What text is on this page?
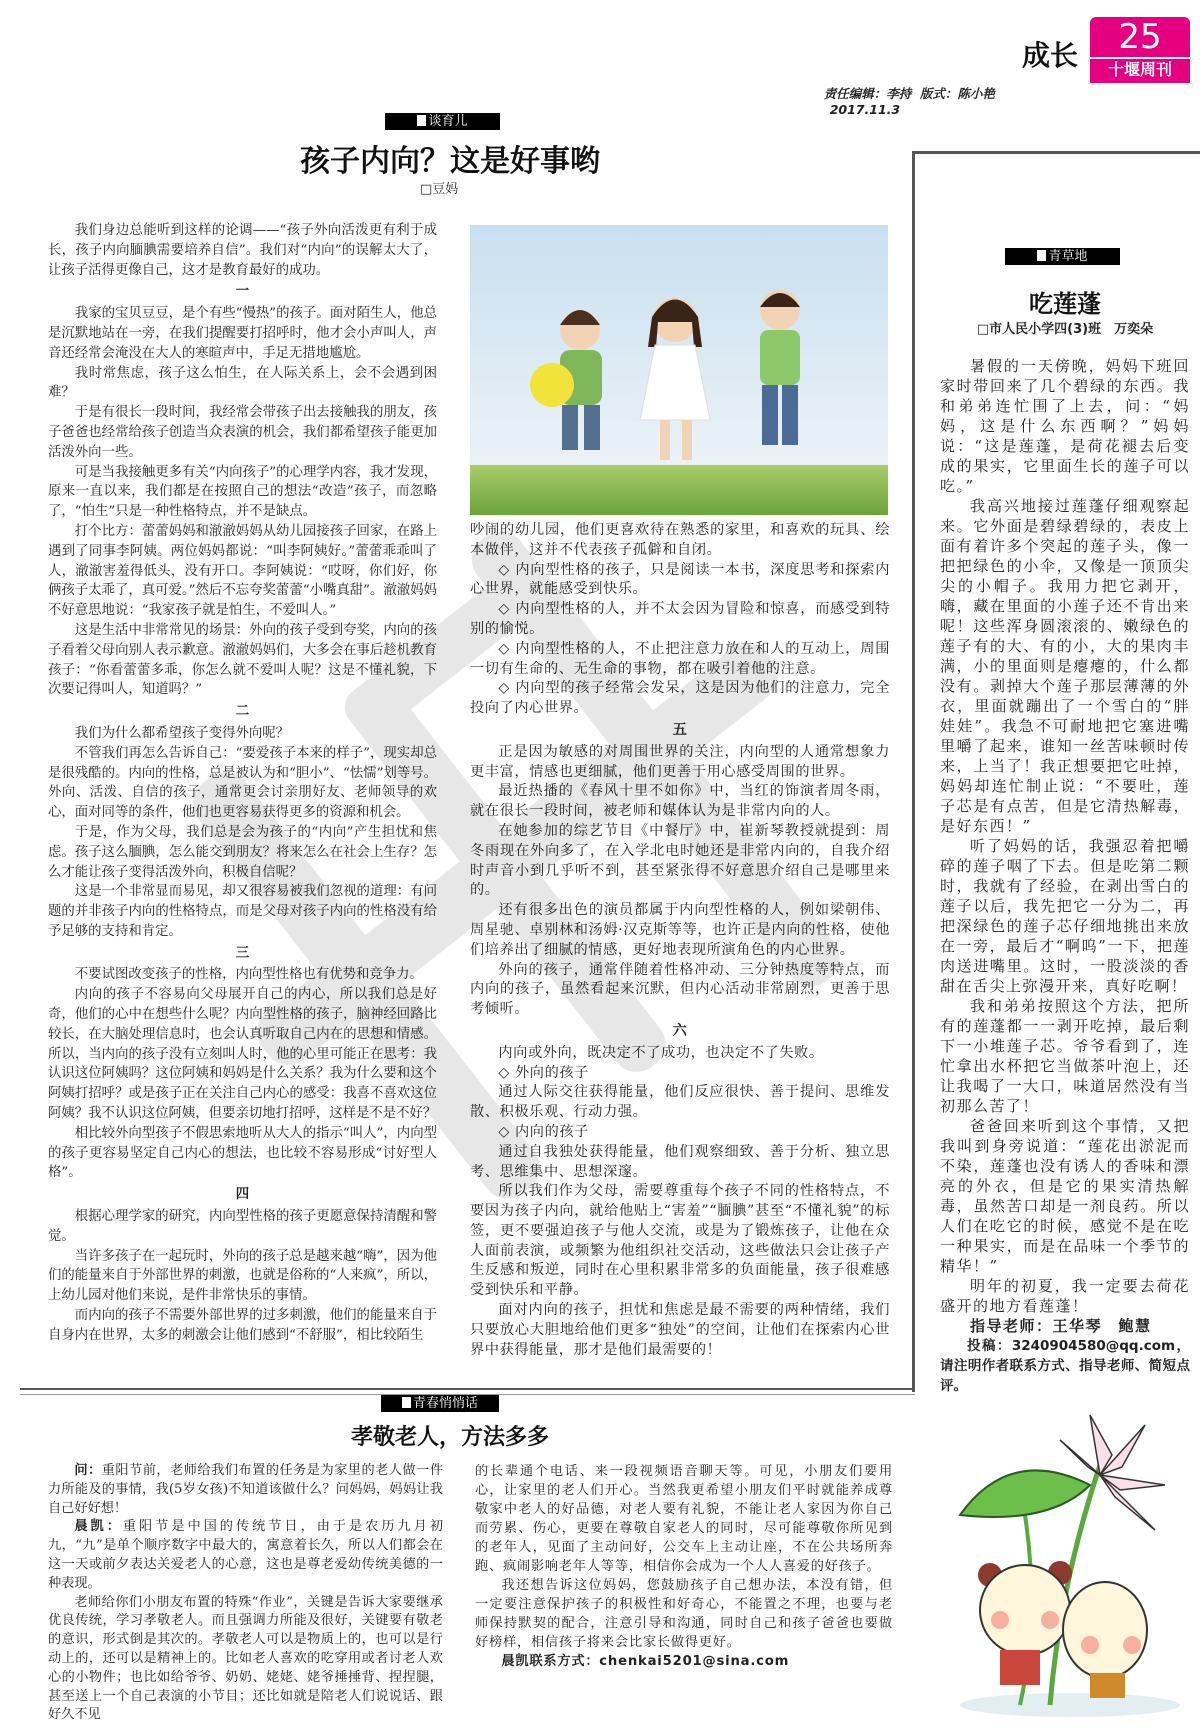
成长	25
十堰周刊

责任编辑：李持  版式：陈小艳
2017.11.3

谈育儿
孩子内向？这是好事哟
□豆妈

我们身边总能听到这样的论调——“孩子外向活泼更有利于成长，孩子内向腼腆需要培养自信”。我们对“内向”的误解太大了，让孩子活得更像自己，这才是教育最好的成功。

一

我家的宝贝豆豆，是个有些“慢热”的孩子。面对陌生人，他总是沉默地站在一旁，在我们提醒要打招呼时，他才会小声叫人，声音还经常会淹没在大人的寒暄声中，手足无措地尴尬。

我时常焦虑，孩子这么怕生，在人际关系上，会不会遇到困难？

于是有很长一段时间，我经常会带孩子出去接触我的朋友，孩子爸爸也经常给孩子创造当众表演的机会，我们都希望孩子能更加活泼外向一些。

可是当我接触更多有关“内向孩子”的心理学内容，我才发现，原来一直以来，我们都是在按照自己的想法“改造”孩子，而忽略了，“怕生”只是一种性格特点，并不是缺点。

打个比方：蕾蕾妈妈和澈澈妈妈从幼儿园接孩子回家，在路上遇到了同事李阿姨。两位妈妈都说：“叫李阿姨好。”蕾蕾乖乖叫了人，澈澈害羞得低头，没有开口。李阿姨说：“哎呀，你们好，你俩孩子太乖了，真可爱。”然后不忘夸奖蕾蕾“小嘴真甜”。澈澈妈妈不好意思地说：“我家孩子就是怕生，不爱叫人。”

这是生活中非常常见的场景：外向的孩子受到夸奖，内向的孩子看着父母向别人表示歉意。澈澈妈妈们，大多会在事后趁机教育孩子：“你看蕾蕾多乖，你怎么就不爱叫人呢？这是不懂礼貌，下次要记得叫人，知道吗？”

二

我们为什么都希望孩子变得外向呢？

不管我们再怎么告诉自己：“要爱孩子本来的样子”，现实却总是很残酷的。内向的性格，总是被认为和“胆小”、“怯懦”划等号。外向、活泼、自信的孩子，通常更会讨亲朋好友、老师领导的欢心，面对同等的条件，他们也更容易获得更多的资源和机会。

于是，作为父母，我们总是会为孩子的“内向”产生担忧和焦虑。孩子这么腼腆，怎么能交到朋友？将来怎么在社会上生存？怎么才能让孩子变得活泼外向，积极自信呢？

这是一个非常显而易见，却又很容易被我们忽视的道理：有问题的并非孩子内向的性格特点，而是父母对孩子内向的性格没有给予足够的支持和肯定。

三

不要试图改变孩子的性格，内向型性格也有优势和竞争力。

内向的孩子不容易向父母展开自己的内心，所以我们总是好奇，他们的心中在想些什么呢？内向型性格的孩子，脑神经回路比较长，在大脑处理信息时，也会认真听取自己内在的思想和情感。所以，当内向的孩子没有立刻叫人时，他的心里可能正在思考：我认识这位阿姨吗？这位阿姨和妈妈是什么关系？我为什么要和这个阿姨打招呼？或是孩子正在关注自己内心的感受：我喜不喜欢这位阿姨？我不认识这位阿姨，但要亲切地打招呼，这样是不是不好？

相比较外向型孩子不假思索地听从大人的指示“叫人”，内向型的孩子更容易坚定自己内心的想法，也比较不容易形成“讨好型人格”。

四

根据心理学家的研究，内向型性格的孩子更愿意保持清醒和警觉。

当许多孩子在一起玩时，外向的孩子总是越来越“嗨”，因为他们的能量来自于外部世界的刺激，也就是俗称的“人来疯”，所以，上幼儿园对他们来说，是件非常快乐的事情。

而内向的孩子不需要外部世界的过多刺激，他们的能量来自于自身内在世界，太多的刺激会让他们感到“不舒服”，相比较陌生

吵闹的幼儿园，他们更喜欢待在熟悉的家里，和喜欢的玩具、绘本做伴，这并不代表孩子孤僻和自闭。

◇ 内向型性格的孩子，只是阅读一本书，深度思考和探索内心世界，就能感受到快乐。

◇ 内向型性格的人，并不太会因为冒险和惊喜，而感受到特别的愉悦。

◇ 内向型性格的人，不止把注意力放在和人的互动上，周围一切有生命的、无生命的事物，都在吸引着他的注意。

◇ 内向型的孩子经常会发呆，这是因为他们的注意力，完全投向了内心世界。

五

正是因为敏感的对周围世界的关注，内向型的人通常想象力更丰富，情感也更细腻，他们更善于用心感受周围的世界。

最近热播的《春风十里不如你》中，当红的饰演者周冬雨，就在很长一段时间，被老师和媒体认为是非常内向的人。

在她参加的综艺节目《中餐厅》中，崔新琴教授就提到：周冬雨现在外向多了，在入学北电时她还是非常内向的，自我介绍时声音小到几乎听不到，甚至紧张得不好意思介绍自己是哪里来的。

还有很多出色的演员都属于内向型性格的人，例如梁朝伟、周星驰、卓别林和汤姆·汉克斯等等，也许正是内向的性格，使他们培养出了细腻的情感，更好地表现所演角色的内心世界。

外向的孩子，通常伴随着性格冲动、三分钟热度等特点，而内向的孩子，虽然看起来沉默，但内心活动非常剧烈，更善于思考倾听。

六

内向或外向，既决定不了成功，也决定不了失败。

◇ 外向的孩子

通过人际交往获得能量，他们反应很快、善于提问、思维发散、积极乐观、行动力强。

◇ 内向的孩子

通过自我独处获得能量，他们观察细致、善于分析、独立思考、思维集中、思想深邃。

所以我们作为父母，需要尊重每个孩子不同的性格特点，不要因为孩子内向，就给他贴上“害羞”“腼腆”甚至“不懂礼貌”的标签，更不要强迫孩子与他人交流，或是为了锻炼孩子，让他在众人面前表演，或频繁为他组织社交活动，这些做法只会让孩子产生反感和叛逆，同时在心里积累非常多的负面能量，孩子很难感受到快乐和平静。

面对内向的孩子，担忧和焦虑是最不需要的两种情绪，我们只要放心大胆地给他们更多“独处”的空间，让他们在探索内心世界中获得能量，那才是他们最需要的！

青草地
吃莲蓬
□市人民小学四(3)班　万奕朵

暑假的一天傍晚，妈妈下班回家时带回来了几个碧绿的东西。我和弟弟连忙围了上去，问：“妈妈，这是什么东西啊？”妈妈说：“这是莲蓬，是荷花褪去后变成的果实，它里面生长的莲子可以吃。”

我高兴地接过莲蓬仔细观察起来。它外面是碧绿碧绿的，表皮上面有着许多个突起的莲子头，像一把把绿色的小伞，又像是一顶顶尖尖的小帽子。我用力把它剥开，嗨，藏在里面的小莲子还不肯出来呢！这些浑身圆滚滚的、嫩绿色的莲子有的大、有的小，大的果肉丰满，小的里面则是瘪瘪的，什么都没有。剥掉大个莲子那层薄薄的外衣，里面就蹦出了一个雪白的“胖娃娃”。我急不可耐地把它塞进嘴里嚼了起来，谁知一丝苦味顿时传来，上当了！我正想要把它吐掉，妈妈却连忙制止说：“不要吐，莲子芯是有点苦，但是它清热解毒，是好东西！”

听了妈妈的话，我强忍着把嚼碎的莲子咽了下去。但是吃第二颗时，我就有了经验，在剥出雪白的莲子以后，我先把它一分为二，再把深绿色的莲子芯仔细地挑出来放在一旁，最后才“啊呜”一下，把莲肉送进嘴里。这时，一股淡淡的香甜在舌尖上弥漫开来，真好吃啊！

我和弟弟按照这个方法，把所有的莲蓬都一一剥开吃掉，最后剩下一小堆莲子芯。爷爷看到了，连忙拿出水杯把它当做茶叶泡上，还让我喝了一大口，味道居然没有当初那么苦了！

爸爸回来听到这个事情，又把我叫到身旁说道：“莲花出淤泥而不染，莲蓬也没有诱人的香味和漂亮的外衣，但是它的果实清热解毒，虽然苦口却是一剂良药。所以人们在吃它的时候，感觉不是在吃一种果实，而是在品味一个季节的精华！”

明年的初夏，我一定要去荷花盛开的地方看莲蓬！

指导老师：王华琴　鲍慧

投稿：3240904580@qq.com，请注明作者联系方式、指导老师、简短点评。

青春悄悄话
孝敬老人，方法多多

问：重阳节前，老师给我们布置的任务是为家里的老人做一件力所能及的事情，我(5岁女孩)不知道该做什么？问妈妈，妈妈让我自己好好想！

晨凯：重阳节是中国的传统节日，由于是农历九月初九，“九”是单个顺序数字中最大的，寓意着长久，所以人们都会在这一天或前夕表达关爱老人的心意，这也是尊老爱幼传统美德的一种表现。

老师给你们小朋友布置的特殊“作业”，关键是告诉大家要继承优良传统，学习孝敬老人。而且强调力所能及很好，关键要有敬老的意识，形式倒是其次的。孝敬老人可以是物质上的，也可以是行动上的，还可以是精神上的。比如老人喜欢的吃穿用或者讨老人欢心的小物件；也比如给爷爷、奶奶、姥姥、姥爷捶捶背、捏捏腿，甚至送上一个自己表演的小节目；还比如就是陪老人们说说话、跟好久不见

的长辈通个电话、来一段视频语音聊天等。可见，小朋友们要用心，让家里的老人们开心。当然我更希望小朋友们平时就能养成尊敬家中老人的好品德，对老人要有礼貌，不能让老人家因为你自己而劳累、伤心，更要在尊敬自家老人的同时，尽可能尊敬你所见到的老年人，见面了主动问好，公交车上主动让座，不在公共场所奔跑、疯闹影响老年人等等，相信你会成为一个人人喜爱的好孩子。

我还想告诉这位妈妈，您鼓励孩子自己想办法，本没有错，但一定要注意保护孩子的积极性和好奇心，不能置之不理，也要与老师保持默契的配合，注意引导和沟通，同时自己和孩子爸爸也要做好榜样，相信孩子将来会比家长做得更好。

晨凯联系方式：chenkai5201@sina.com
